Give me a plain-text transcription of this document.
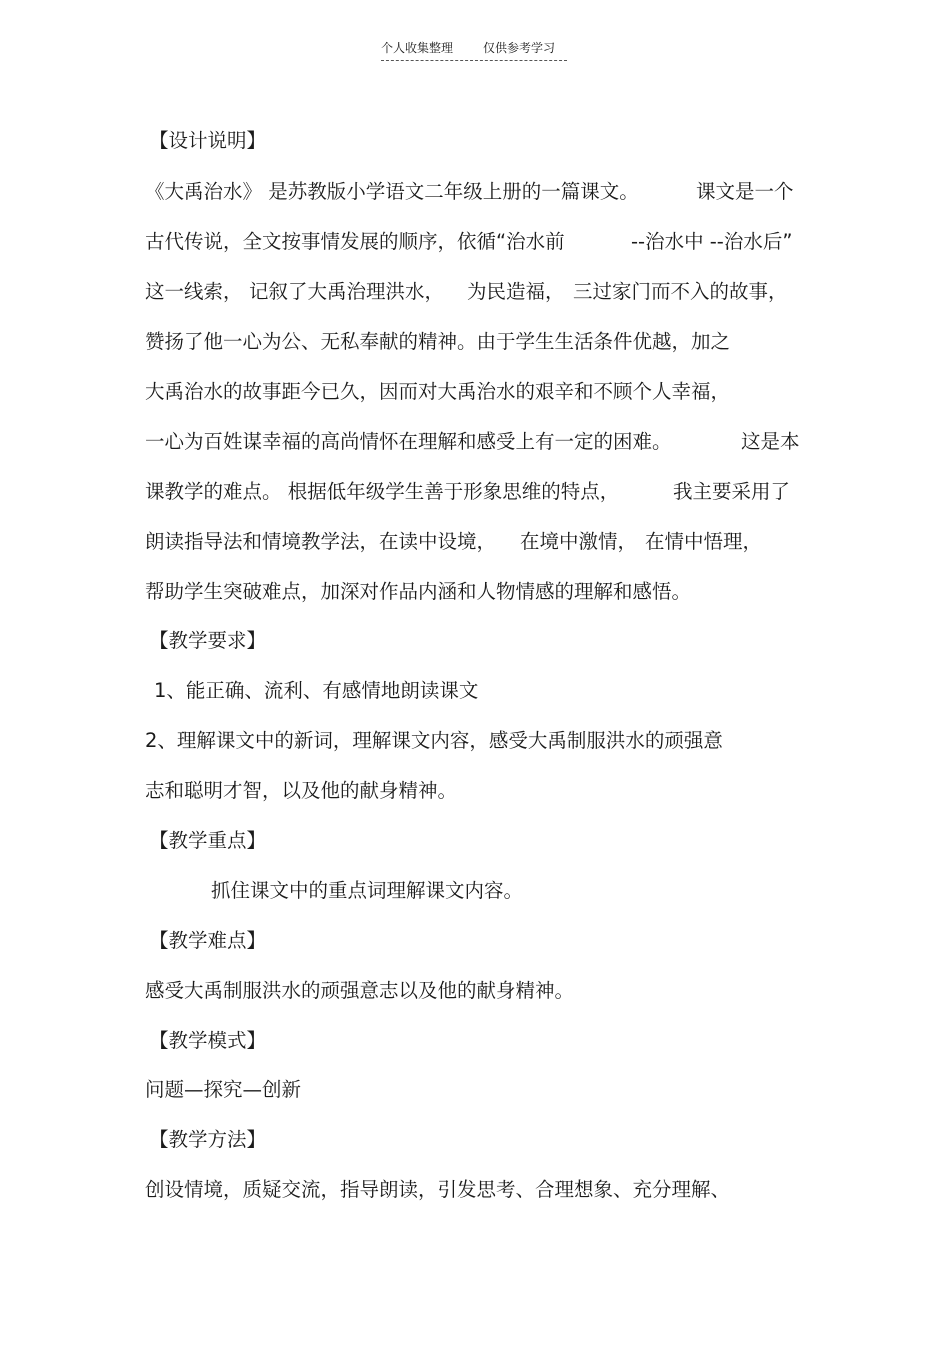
个人收集整理 仅供参考学习
【设计说明】
《大禹治水》 是苏教版小学语文二年级上册的一篇课文。	课文是一个
古代传说，全文按事情发展的顺序，依循“治水前	--治水中 --治水后”
这一线索， 记叙了大禹治理洪水， 为民造福， 三过家门而不入的故事，
赞扬了他一心为公、无私奉献的精神。由于学生生活条件优越，加之
大禹治水的故事距今已久，因而对大禹治水的艰辛和不顾个人幸福，
一心为百姓谋幸福的高尚情怀在理解和感受上有一定的困难。	这是本
课教学的难点。 根据低年级学生善于形象思维的特点，	我主要采用了
朗读指导法和情境教学法，在读中设境， 在境中激情， 在情中悟理，
帮助学生突破难点，加深对作品内涵和人物情感的理解和感悟。
【教学要求】
1、能正确、流利、有感情地朗读课文
2、理解课文中的新词，理解课文内容，感受大禹制服洪水的顽强意
志和聪明才智，以及他的献身精神。
【教学重点】
抓住课文中的重点词理解课文内容。
【教学难点】
感受大禹制服洪水的顽强意志以及他的献身精神。
【教学模式】
问题—探究—创新
【教学方法】
创设情境，质疑交流，指导朗读，引发思考、合理想象、充分理解、
